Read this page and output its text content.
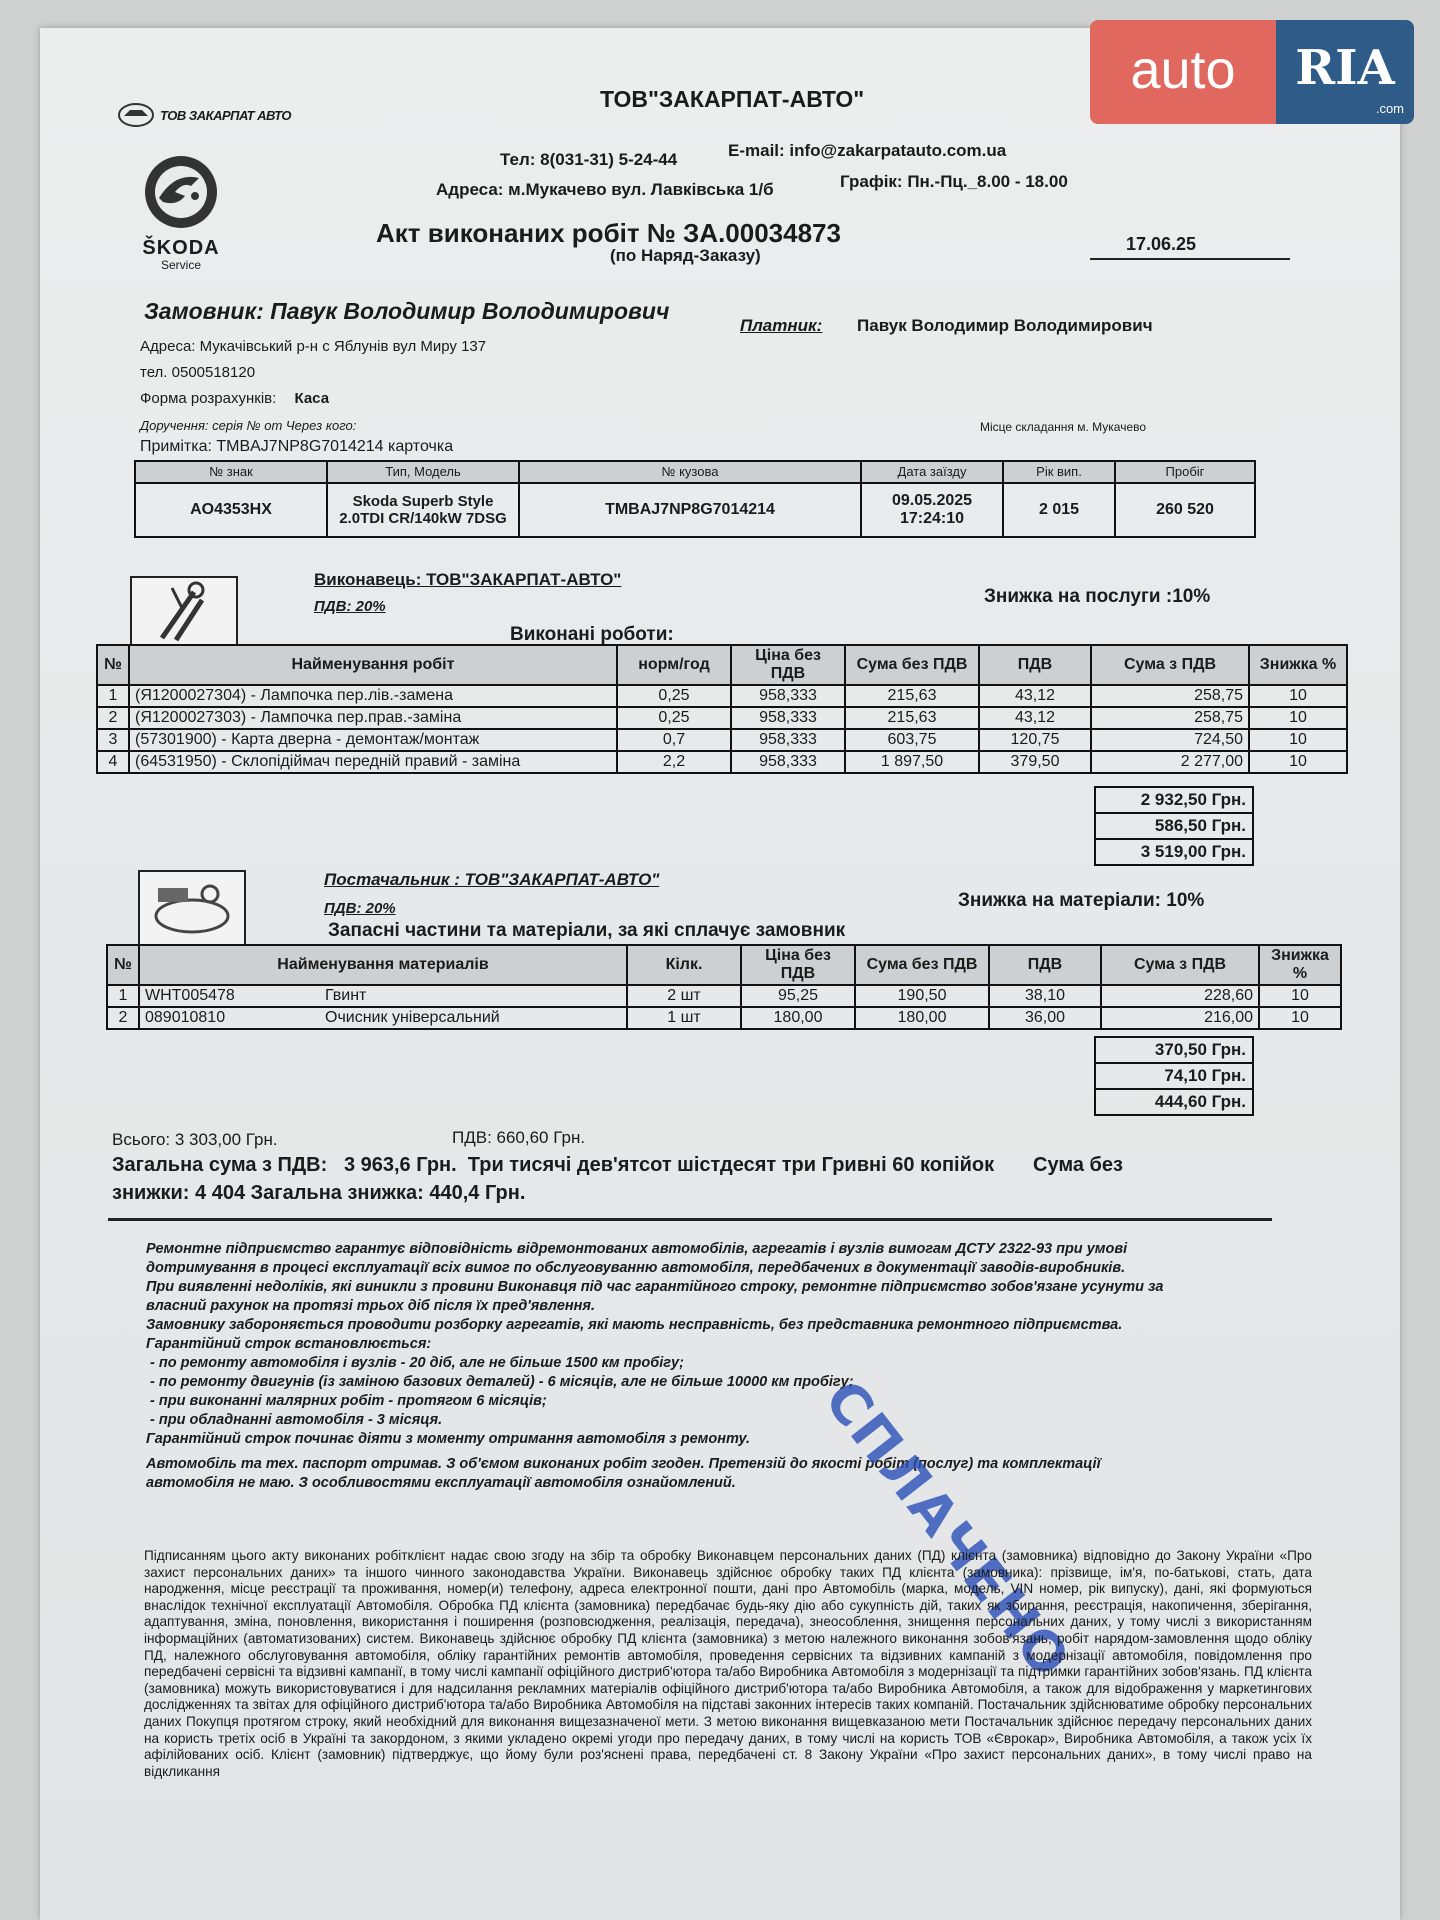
ТОВ ЗАКАРПАТ АВТО
ŠKODA
Service
ТОВ"ЗАКАРПАТ-АВТО"
Тел: 8(031-31) 5-24-44	E-mail: info@zakarpatauto.com.ua
Адреса: м.Мукачево вул. Лавківська 1/б	Графік: Пн.-Пц._8.00 - 18.00
Акт виконаних робіт № ЗА.00034873
(по Наряд-Заказу)
17.06.25
Замовник: Павук Володимир Володимирович
Платник: Павук Володимир Володимирович
Адреса: Мукачівський р-н с Яблунів вул Миру 137
тел. 0500518120
Форма розрахунків: Каса
Доручення: серія № от Через кого:	Місце складання м. Мукачево
Примітка: TMBAJ7NP8G7014214 карточка
№ знак	Тип, Модель	№ кузова	Дата заїзду	Рік вип.	Пробіг
AO4353HX	Skoda Superb Style 2.0TDI CR/140kW 7DSG	TMBAJ7NP8G7014214	09.05.2025 17:24:10	2 015	260 520
Виконавець: ТОВ"ЗАКАРПАТ-АВТО"
ПДВ: 20%	Знижка на послуги :10%
Виконані роботи:
№	Найменування робіт	норм/год	Ціна без ПДВ	Сума без ПДВ	ПДВ	Сума з ПДВ	Знижка %
1	(Я1200027304) - Лампочка пер.лів.-замена	0,25	958,333	215,63	43,12	258,75	10
2	(Я1200027303) - Лампочка пер.прав.-заміна	0,25	958,333	215,63	43,12	258,75	10
3	(57301900) - Карта дверна - демонтаж/монтаж	0,7	958,333	603,75	120,75	724,50	10
4	(64531950) - Склопідіймач передній правий - заміна	2,2	958,333	1 897,50	379,50	2 277,00	10
2 932,50 Грн.
586,50 Грн.
3 519,00 Грн.
Постачальник : ТОВ"ЗАКАРПАТ-АВТО"
ПДВ: 20%	Знижка на матеріали: 10%
Запасні частини та матеріали, за які сплачує замовник
№	Найменування материалів	Кілк.	Ціна без ПДВ	Сума без ПДВ	ПДВ	Сума з ПДВ	Знижка %
1	WHT005478 Гвинт	2 шт	95,25	190,50	38,10	228,60	10
2	089010810 Очисник універсальний	1 шт	180,00	180,00	36,00	216,00	10
370,50 Грн.
74,10 Грн.
444,60 Грн.
Всього: 3 303,00 Грн.	ПДВ: 660,60 Грн.
Загальна сума з ПДВ:   3 963,6 Грн.  Три тисячі дев'ятсот шістдесят три Гривні 60 копійок       Сума без
знижки: 4 404 Загальна знижка: 440,4 Грн.
Ремонтне підприємство гарантує відповідність відремонтованих автомобілів, агрегатів і вузлів вимогам ДСТУ 2322-93 при умові
дотримування в процесі експлуатації всіх вимог по обслуговуванню автомобіля, передбачених в документації заводів-виробників.
При виявленні недоліків, які виникли з провини Виконавця під час гарантійного строку, ремонтне підприємство зобов'язане усунути за
власний рахунок на протязі трьох діб після їх пред'явлення.
Замовнику забороняється проводити розборку агрегатів, які мають несправність, без представника ремонтного підприємства.
Гарантійний строк встановлюється:
- по ремонту автомобіля і вузлів - 20 діб, але не більше 1500 км пробігу;
- по ремонту двигунів (із заміною базових деталей) - 6 місяців, але не більше 10000 км пробігу;
- при виконанні малярних робіт - протягом 6 місяців;
- при обладнанні автомобіля - 3 місяця.
Гарантійний строк починає діяти з моменту отримання автомобіля з ремонту.
Автомобіль та тех. паспорт отримав. З об'ємом виконаних робіт згоден. Претензій до якості робіт (послуг) та комплектації
автомобіля не маю. З особливостями експлуатації автомобіля ознайомлений.	СПЛАЧЕНО
Підписанням цього акту виконаних робітклієнт надає свою згоду на збір та обробку Виконавцем персональних даних (ПД) клієнта (замовника) відповідно до Закону України «Про захист персональних даних» та іншого чинного законодавства України. Виконавець здійснює обробку таких ПД клієнта (замовника): прізвище, ім'я, по-батькові, стать, дата народження, місце реєстрації та проживання, номер(и) телефону, адреса електронної пошти, дані про Автомобіль (марка, модель, VIN номер, рік випуску), дані, які формуються внаслідок технічної експлуатації Автомобіля. Обробка ПД клієнта (замовника) передбачає будь-яку дію або сукупність дій, таких як збирання, реєстрація, накопичення, зберігання, адаптування, зміна, поновлення, використання і поширення (розповсюдження, реалізація, передача), знеособлення, знищення персональних даних, у тому числі з використанням інформаційних (автоматизованих) систем. Виконавець здійснює обробку ПД клієнта (замовника) з метою належного виконання зобов'язань, робіт нарядом-замовлення щодо обліку ПД, належного обслуговування автомобіля, обліку гарантійних ремонтів автомобіля, проведення сервісних та відзивних кампаній з модернізації автомобіля, повідомлення про передбачені сервісні та відзивні кампанії, в тому числі кампанії офіційного дистриб'ютора та/або Виробника Автомобіля з модернізації та підтримки гарантійних зобов'язань. ПД клієнта (замовника) можуть використовуватися і для надсилання рекламних матеріалів офіційного дистриб'ютора та/або Виробника Автомобіля, а також для відображення у маркетингових дослідженнях та звітах для офіційного дистриб'ютора та/або Виробника Автомобіля на підставі законних інтересів таких компаній. Постачальник здійснюватиме обробку персональних даних Покупця протягом строку, який необхідний для виконання вищезазначеної мети. З метою виконання вищевказаною мети Постачальник здійснює передачу персональних даних на користь третіх осіб в Україні та закордоном, з якими укладено окремі угоди про передачу даних, в тому числі на користь ТОВ «Єврокар», Виробника Автомобіля, а також усіх їх афілійованих осіб. Клієнт (замовник) підтверджує, що йому були роз'яснені права, передбачені ст. 8 Закону України «Про захист персональних даних», в тому числі право на відкликання
auto	RIA
.com
